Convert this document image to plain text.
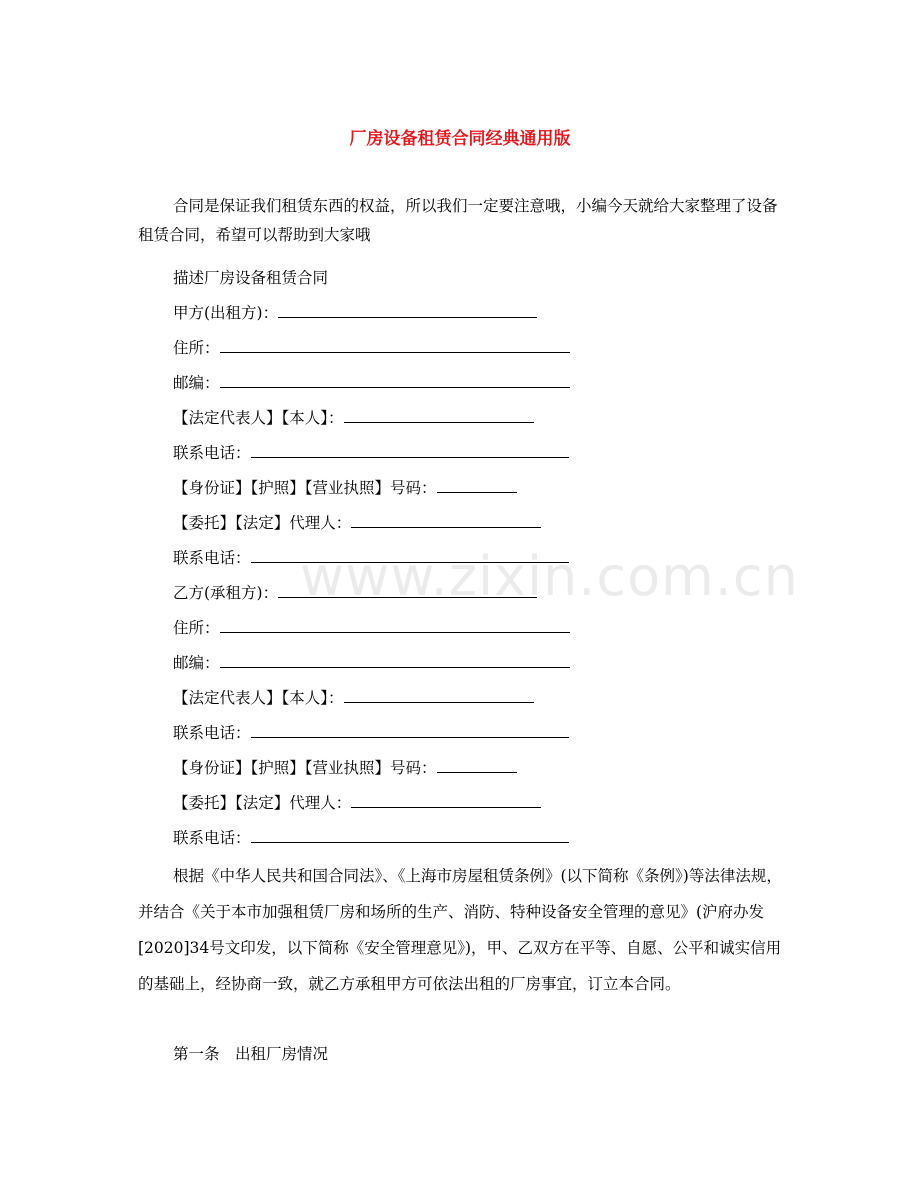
厂房设备租赁合同经典通用版
www.zixin.com.cn

合同是保证我们租赁东西的权益，所以我们一定要注意哦，小编今天就给大家整理了设备租赁合同，希望可以帮助到大家哦

描述厂房设备租赁合同
甲方(出租方)：
住所：
邮编：
【法定代表人】【本人】：
联系电话：
【身份证】【护照】【营业执照】号码：
【委托】【法定】代理人：
联系电话：
乙方(承租方)：
住所：
邮编：
【法定代表人】【本人】：
联系电话：
【身份证】【护照】【营业执照】号码：
【委托】【法定】代理人：
联系电话：

根据《中华人民共和国合同法》、《上海市房屋租赁条例》(以下简称《条例》)等法律法规，并结合《关于本市加强租赁厂房和场所的生产、消防、特种设备安全管理的意见》(沪府办发[2020]34号文印发，以下简称《安全管理意见》)，甲、乙双方在平等、自愿、公平和诚实信用的基础上，经协商一致，就乙方承租甲方可依法出租的厂房事宜，订立本合同。

第一条　出租厂房情况
